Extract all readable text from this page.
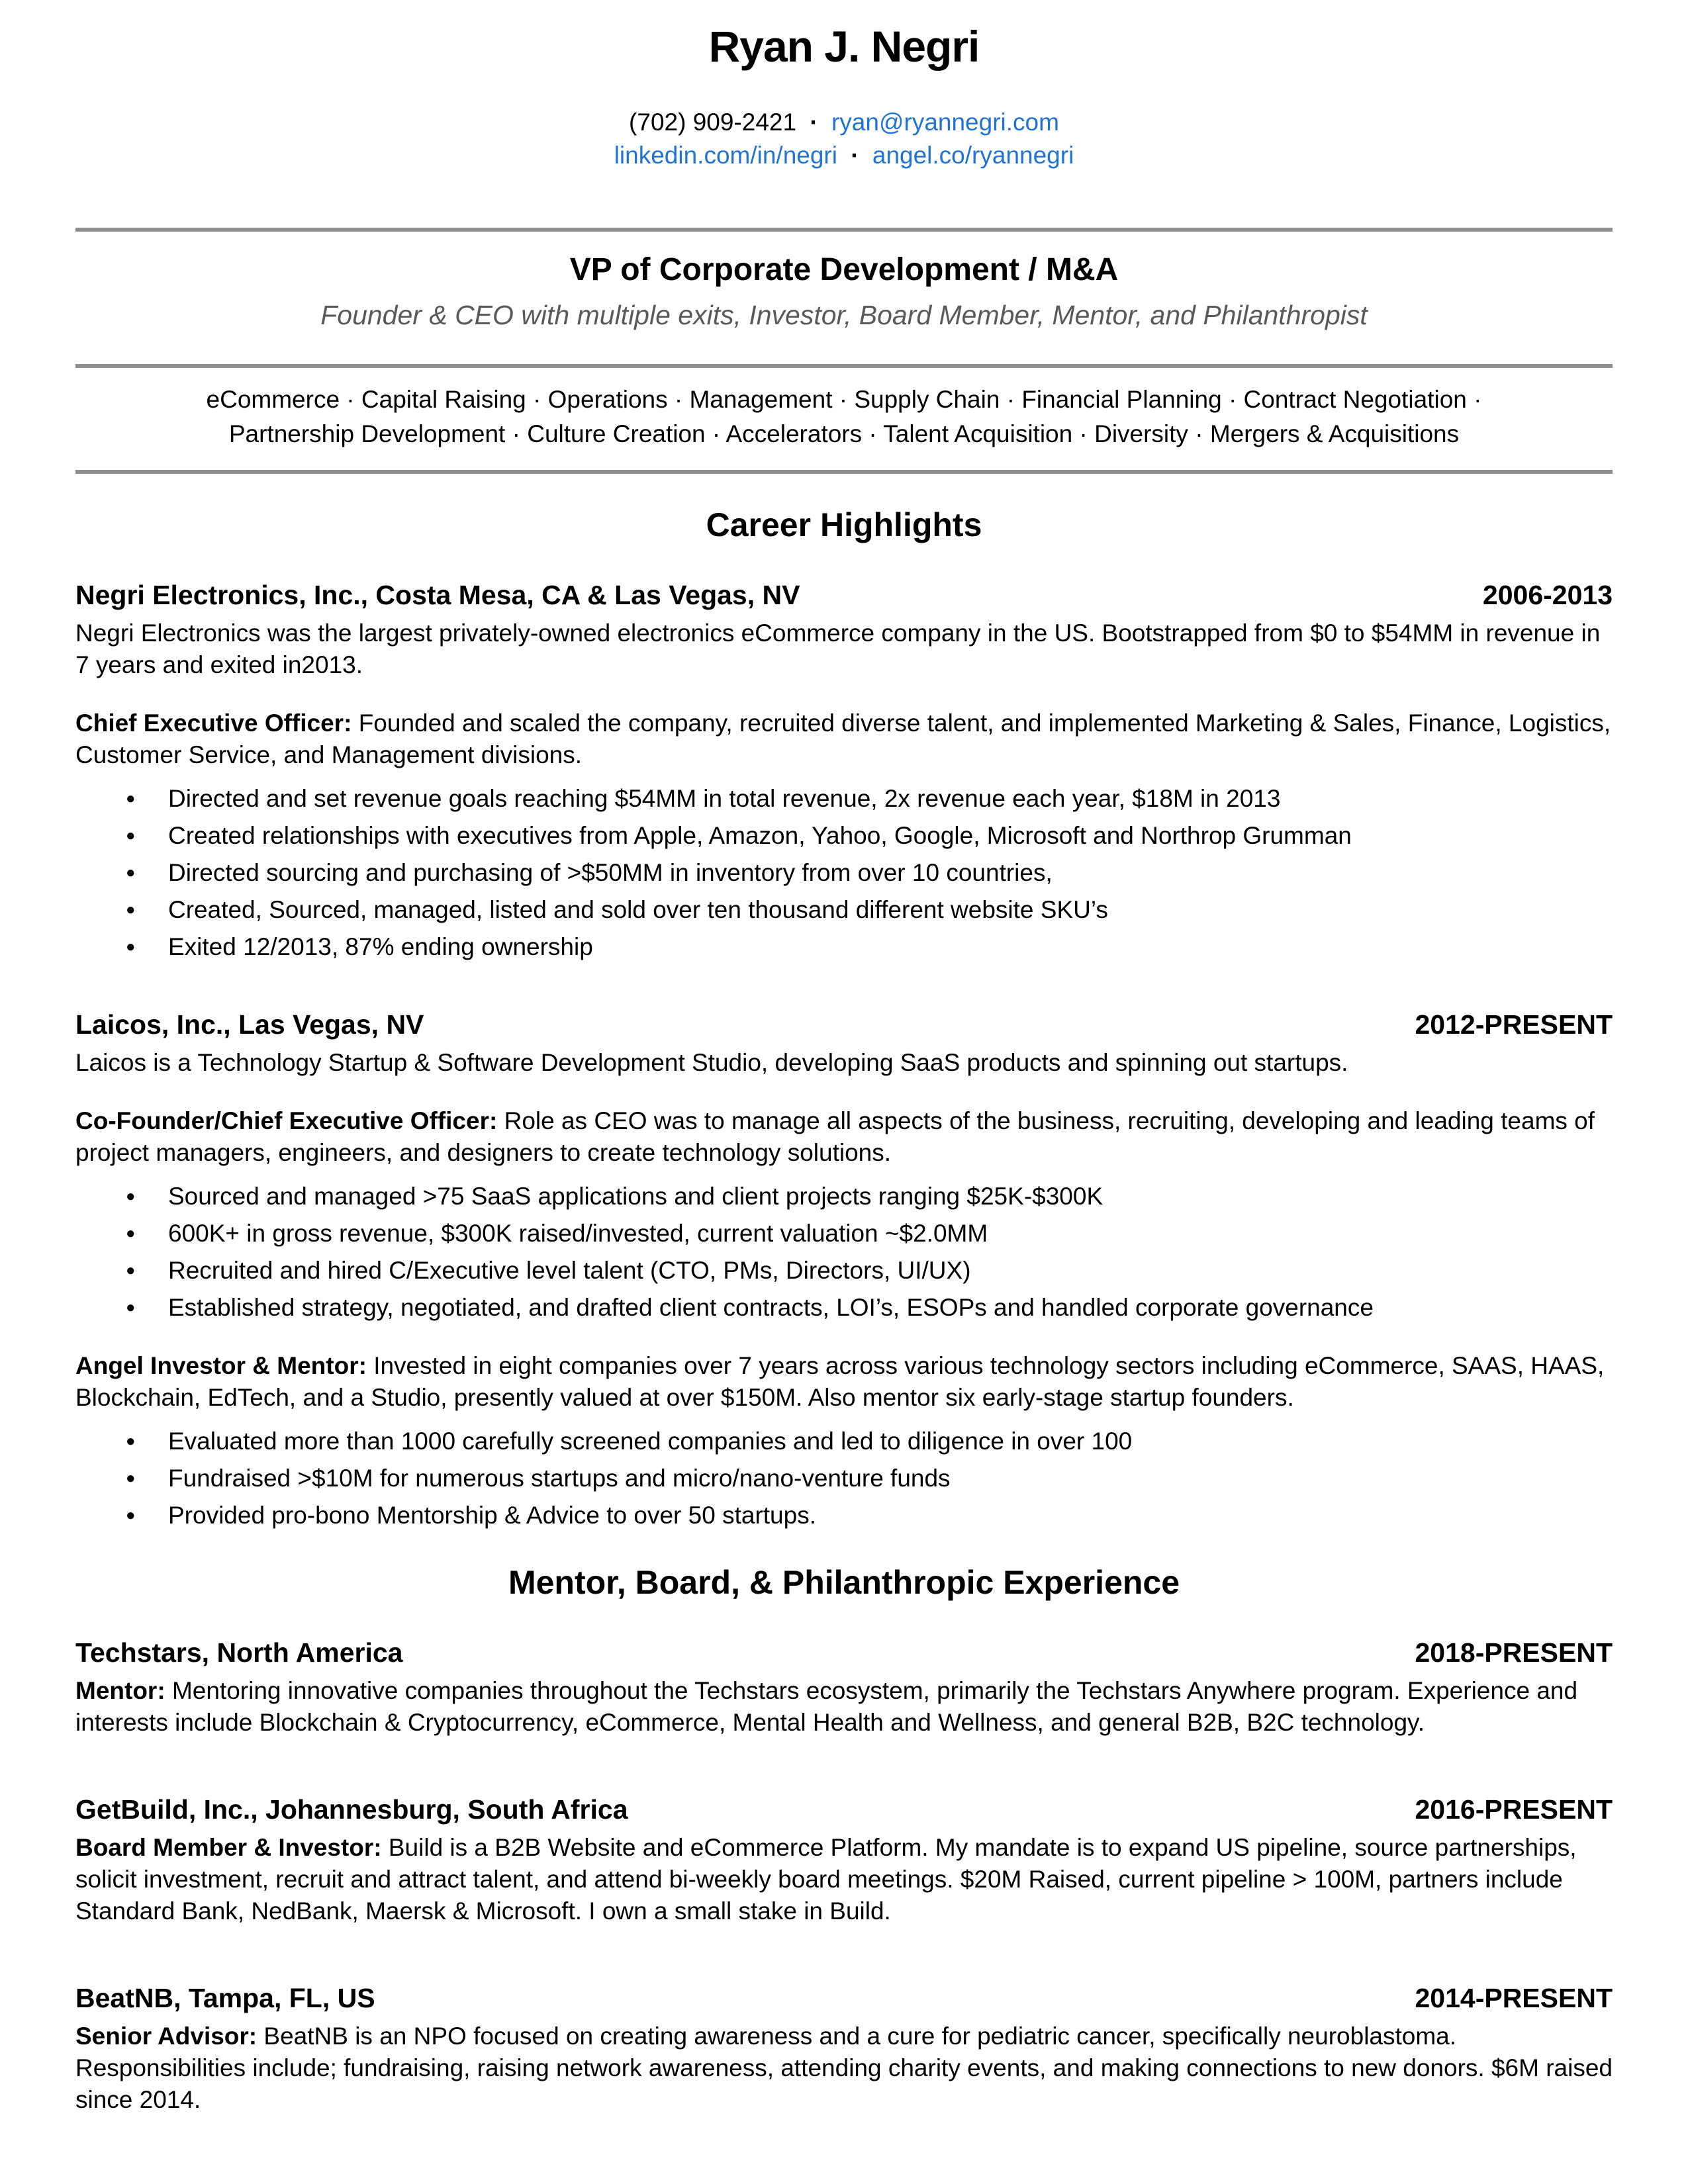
Ryan J. Negri
(702) 909-2421 · ryan@ryannegri.com
linkedin.com/in/negri · angel.co/ryannegri
VP of Corporate Development / M&A
Founder & CEO with multiple exits, Investor, Board Member, Mentor, and Philanthropist
eCommerce · Capital Raising · Operations · Management · Supply Chain · Financial Planning · Contract Negotiation ·
Partnership Development · Culture Creation · Accelerators · Talent Acquisition · Diversity · Mergers & Acquisitions
Career Highlights
Negri Electronics, Inc., Costa Mesa, CA & Las Vegas, NV	2006-2013

Negri Electronics was the largest privately-owned electronics eCommerce company in the US. Bootstrapped from $0 to $54MM in revenue in 7 years and exited in2013.

Chief Executive Officer: Founded and scaled the company, recruited diverse talent, and implemented Marketing & Sales, Finance, Logistics, Customer Service, and Management divisions.

● Directed and set revenue goals reaching $54MM in total revenue, 2x revenue each year, $18M in 2013
● Created relationships with executives from Apple, Amazon, Yahoo, Google, Microsoft and Northrop Grumman
● Directed sourcing and purchasing of >$50MM in inventory from over 10 countries,
● Created, Sourced, managed, listed and sold over ten thousand different website SKU’s
● Exited 12/2013, 87% ending ownership
Laicos, Inc., Las Vegas, NV	2012-PRESENT

Laicos is a Technology Startup & Software Development Studio, developing SaaS products and spinning out startups.

Co-Founder/Chief Executive Officer: Role as CEO was to manage all aspects of the business, recruiting, developing and leading teams of project managers, engineers, and designers to create technology solutions.

● Sourced and managed >75 SaaS applications and client projects ranging $25K-$300K
● 600K+ in gross revenue, $300K raised/invested, current valuation ~$2.0MM
● Recruited and hired C/Executive level talent (CTO, PMs, Directors, UI/UX)
● Established strategy, negotiated, and drafted client contracts, LOI’s, ESOPs and handled corporate governance

Angel Investor & Mentor: Invested in eight companies over 7 years across various technology sectors including eCommerce, SAAS, HAAS, Blockchain, EdTech, and a Studio, presently valued at over $150M. Also mentor six early-stage startup founders.

● Evaluated more than 1000 carefully screened companies and led to diligence in over 100
● Fundraised >$10M for numerous startups and micro/nano-venture funds
● Provided pro-bono Mentorship & Advice to over 50 startups.
Mentor, Board, & Philanthropic Experience
Techstars, North America	2018-PRESENT

Mentor: Mentoring innovative companies throughout the Techstars ecosystem, primarily the Techstars Anywhere program. Experience and interests include Blockchain & Cryptocurrency, eCommerce, Mental Health and Wellness, and general B2B, B2C technology.

GetBuild, Inc., Johannesburg, South Africa	2016-PRESENT

Board Member & Investor: Build is a B2B Website and eCommerce Platform. My mandate is to expand US pipeline, source partnerships, solicit investment, recruit and attract talent, and attend bi-weekly board meetings. $20M Raised, current pipeline > 100M, partners include Standard Bank, NedBank, Maersk & Microsoft. I own a small stake in Build.

BeatNB, Tampa, FL, US	2014-PRESENT

Senior Advisor: BeatNB is an NPO focused on creating awareness and a cure for pediatric cancer, specifically neuroblastoma. Responsibilities include; fundraising, raising network awareness, attending charity events, and making connections to new donors. $6M raised since 2014.
